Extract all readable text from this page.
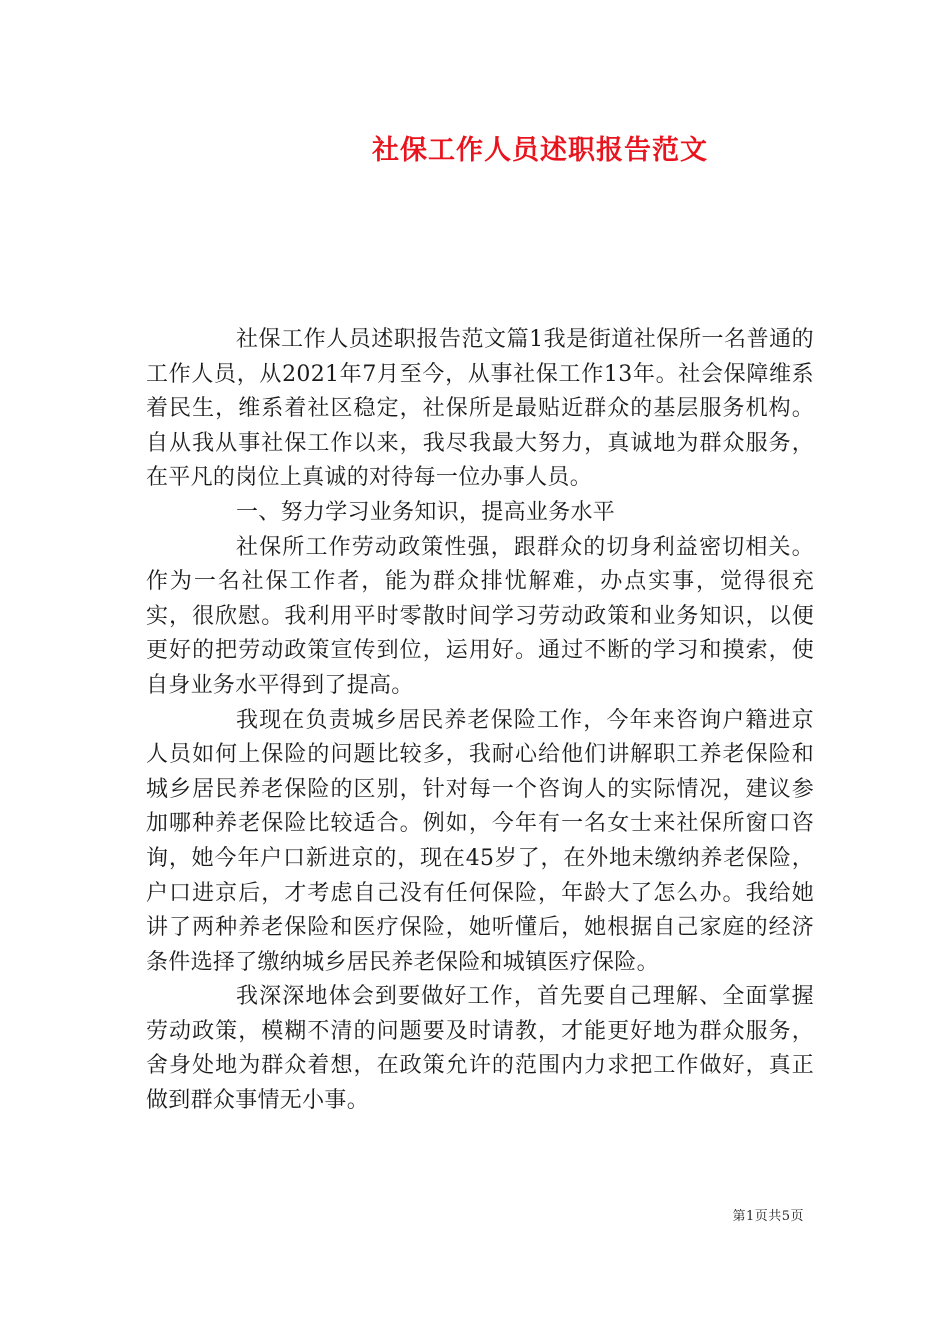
社保工作人员述职报告范文

社保工作人员述职报告范文篇1我是街道社保所一名普通的工作人员，从2021年7月至今，从事社保工作13年。社会保障维系着民生，维系着社区稳定，社保所是最贴近群众的基层服务机构。自从我从事社保工作以来，我尽我最大努力，真诚地为群众服务，在平凡的岗位上真诚的对待每一位办事人员。

一、努力学习业务知识，提高业务水平

社保所工作劳动政策性强，跟群众的切身利益密切相关。作为一名社保工作者，能为群众排忧解难，办点实事，觉得很充实，很欣慰。我利用平时零散时间学习劳动政策和业务知识，以便更好的把劳动政策宣传到位，运用好。通过不断的学习和摸索，使自身业务水平得到了提高。

我现在负责城乡居民养老保险工作，今年来咨询户籍进京人员如何上保险的问题比较多，我耐心给他们讲解职工养老保险和城乡居民养老保险的区别，针对每一个咨询人的实际情况，建议参加哪种养老保险比较适合。例如，今年有一名女士来社保所窗口咨询，她今年户口新进京的，现在45岁了，在外地未缴纳养老保险，户口进京后，才考虑自己没有任何保险，年龄大了怎么办。我给她讲了两种养老保险和医疗保险，她听懂后，她根据自己家庭的经济条件选择了缴纳城乡居民养老保险和城镇医疗保险。

我深深地体会到要做好工作，首先要自己理解、全面掌握劳动政策，模糊不清的问题要及时请教，才能更好地为群众服务，舍身处地为群众着想，在政策允许的范围内力求把工作做好，真正做到群众事情无小事。

第1页共5页
